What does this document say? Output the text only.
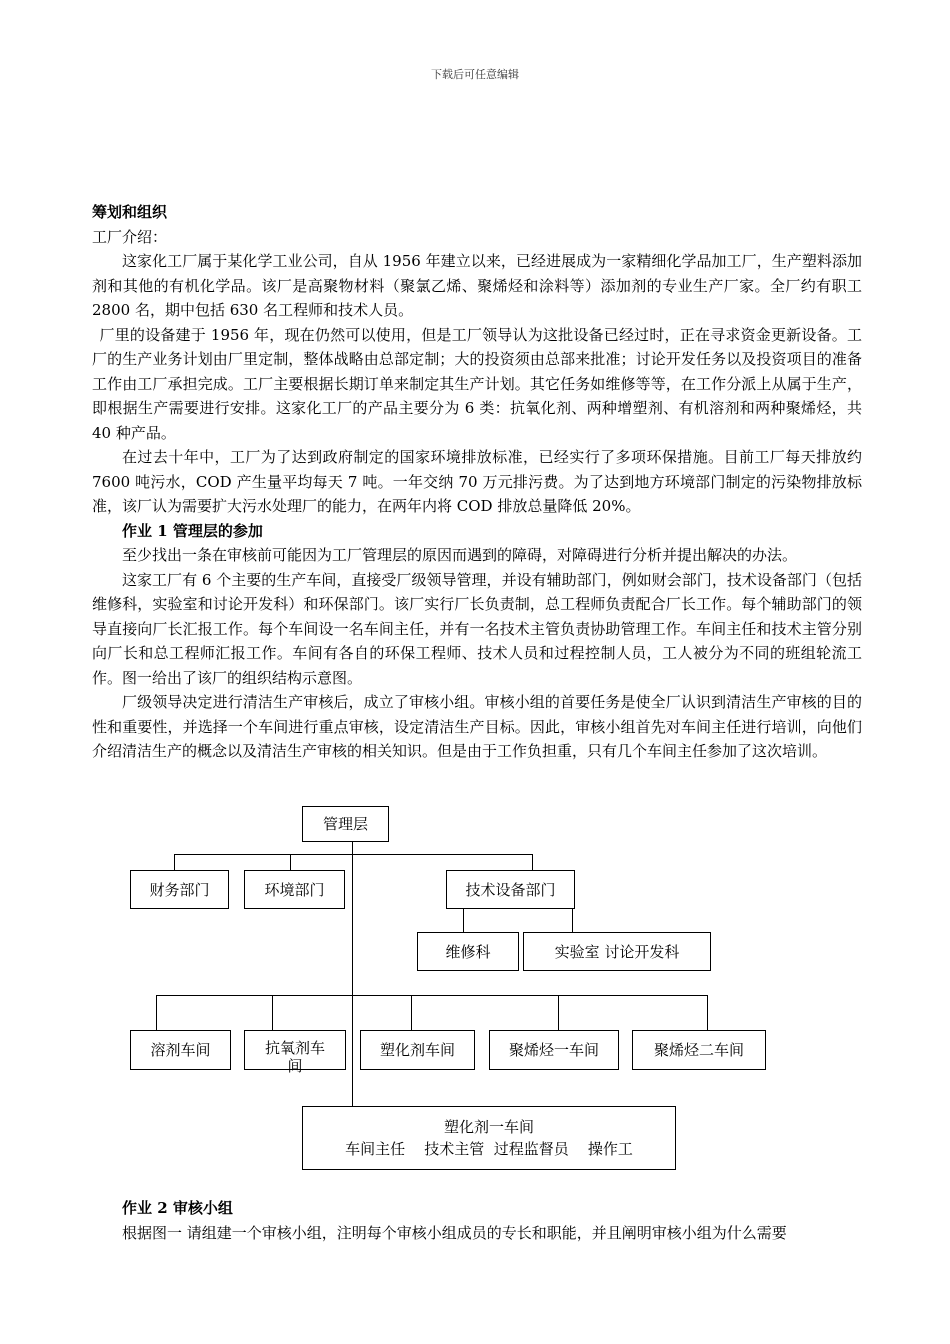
下载后可任意编辑

筹划和组织

工厂介绍：

这家化工厂属于某化学工业公司，自从 1956 年建立以来，已经进展成为一家精细化学品加工厂，生产塑料添加剂和其他的有机化学品。该厂是高聚物材料（聚氯乙烯、聚烯烃和涂料等）添加剂的专业生产厂家。全厂约有职工 2800 名，期中包括 630 名工程师和技术人员。

厂里的设备建于 1956 年，现在仍然可以使用，但是工厂领导认为这批设备已经过时，正在寻求资金更新设备。工厂的生产业务计划由厂里定制，整体战略由总部定制；大的投资须由总部来批准；讨论开发任务以及投资项目的准备工作由工厂承担完成。工厂主要根据长期订单来制定其生产计划。其它任务如维修等等，在工作分派上从属于生产，即根据生产需要进行安排。这家化工厂的产品主要分为 6 类：抗氧化剂、两种增塑剂、有机溶剂和两种聚烯烃，共 40 种产品。

在过去十年中，工厂为了达到政府制定的国家环境排放标准，已经实行了多项环保措施。目前工厂每天排放约 7600 吨污水，COD 产生量平均每天 7 吨。一年交纳 70 万元排污费。为了达到地方环境部门制定的污染物排放标准，该厂认为需要扩大污水处理厂的能力，在两年内将 COD 排放总量降低 20%。

作业 1 管理层的参加

至少找出一条在审核前可能因为工厂管理层的原因而遇到的障碍，对障碍进行分析并提出解决的办法。

这家工厂有 6 个主要的生产车间，直接受厂级领导管理，并设有辅助部门，例如财会部门，技术设备部门（包括维修科，实验室和讨论开发科）和环保部门。该厂实行厂长负责制，总工程师负责配合厂长工作。每个辅助部门的领导直接向厂长汇报工作。每个车间设一名车间主任，并有一名技术主管负责协助管理工作。车间主任和技术主管分别向厂长和总工程师汇报工作。车间有各自的环保工程师、技术人员和过程控制人员，工人被分为不同的班组轮流工作。图一给出了该厂的组织结构示意图。

厂级领导决定进行清洁生产审核后，成立了审核小组。审核小组的首要任务是使全厂认识到清洁生产审核的目的性和重要性，并选择一个车间进行重点审核，设定清洁生产目标。因此，审核小组首先对车间主任进行培训，向他们介绍清洁生产的概念以及清洁生产审核的相关知识。但是由于工作负担重，只有几个车间主任参加了这次培训。

管理层
财务部门	环境部门	技术设备部门
维修科	实验室 讨论开发科
溶剂车间	抗氧剂车间
塑化剂车间	聚烯烃一车间	聚烯烃二车间
塑化剂一车间
车间主任    技术主管  过程监督员    操作工

作业 2 审核小组

根据图一 请组建一个审核小组，注明每个审核小组成员的专长和职能，并且阐明审核小组为什么需要
